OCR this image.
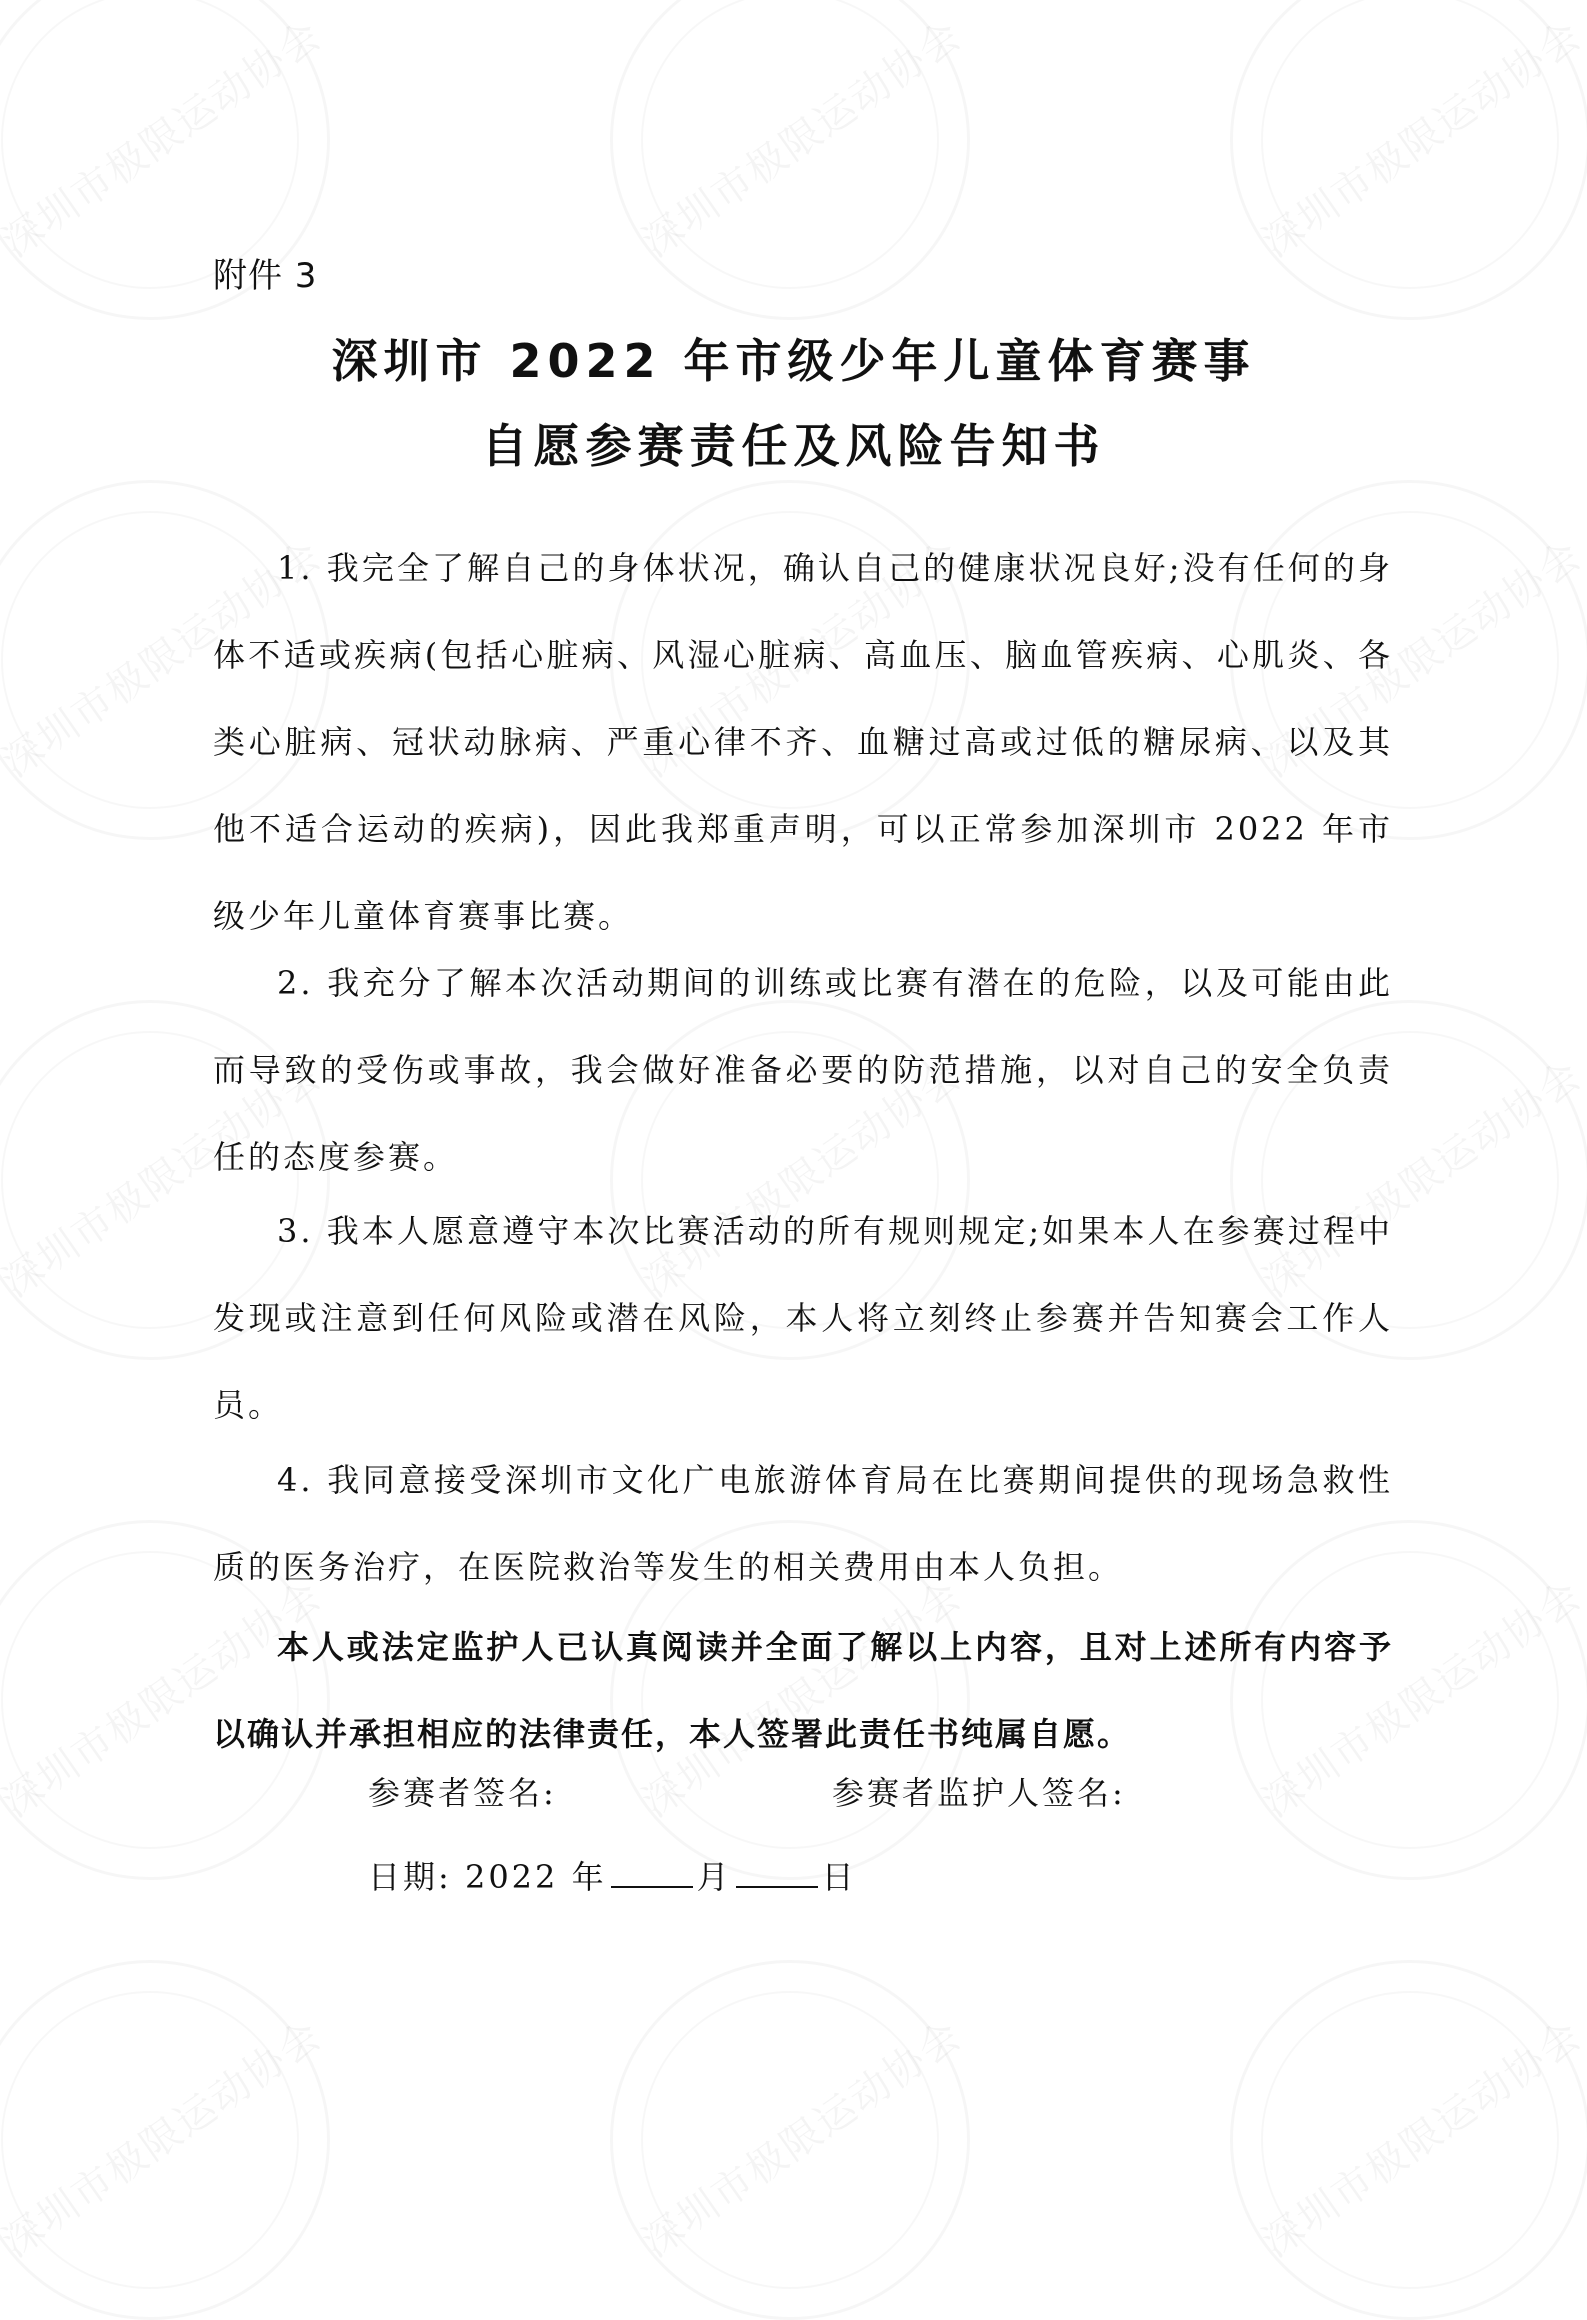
附件 3
深圳市 2022 年市级少年儿童体育赛事
自愿参赛责任及风险告知书
1. 我完全了解自己的身体状况，确认自己的健康状况良好;没有任何的身体不适或疾病(包括心脏病、风湿心脏病、高血压、脑血管疾病、心肌炎、各类心脏病、冠状动脉病、严重心律不齐、血糖过高或过低的糖尿病、以及其他不适合运动的疾病)，因此我郑重声明，可以正常参加深圳市 2022 年市级少年儿童体育赛事比赛。
2. 我充分了解本次活动期间的训练或比赛有潜在的危险，以及可能由此而导致的受伤或事故，我会做好准备必要的防范措施，以对自己的安全负责任的态度参赛。
3. 我本人愿意遵守本次比赛活动的所有规则规定;如果本人在参赛过程中发现或注意到任何风险或潜在风险，本人将立刻终止参赛并告知赛会工作人员。
4. 我同意接受深圳市文化广电旅游体育局在比赛期间提供的现场急救性质的医务治疗，在医院救治等发生的相关费用由本人负担。
本人或法定监护人已认真阅读并全面了解以上内容，且对上述所有内容予以确认并承担相应的法律责任，本人签署此责任书纯属自愿。
参赛者签名:	参赛者监护人签名:
日期: 2022 年	月	日
